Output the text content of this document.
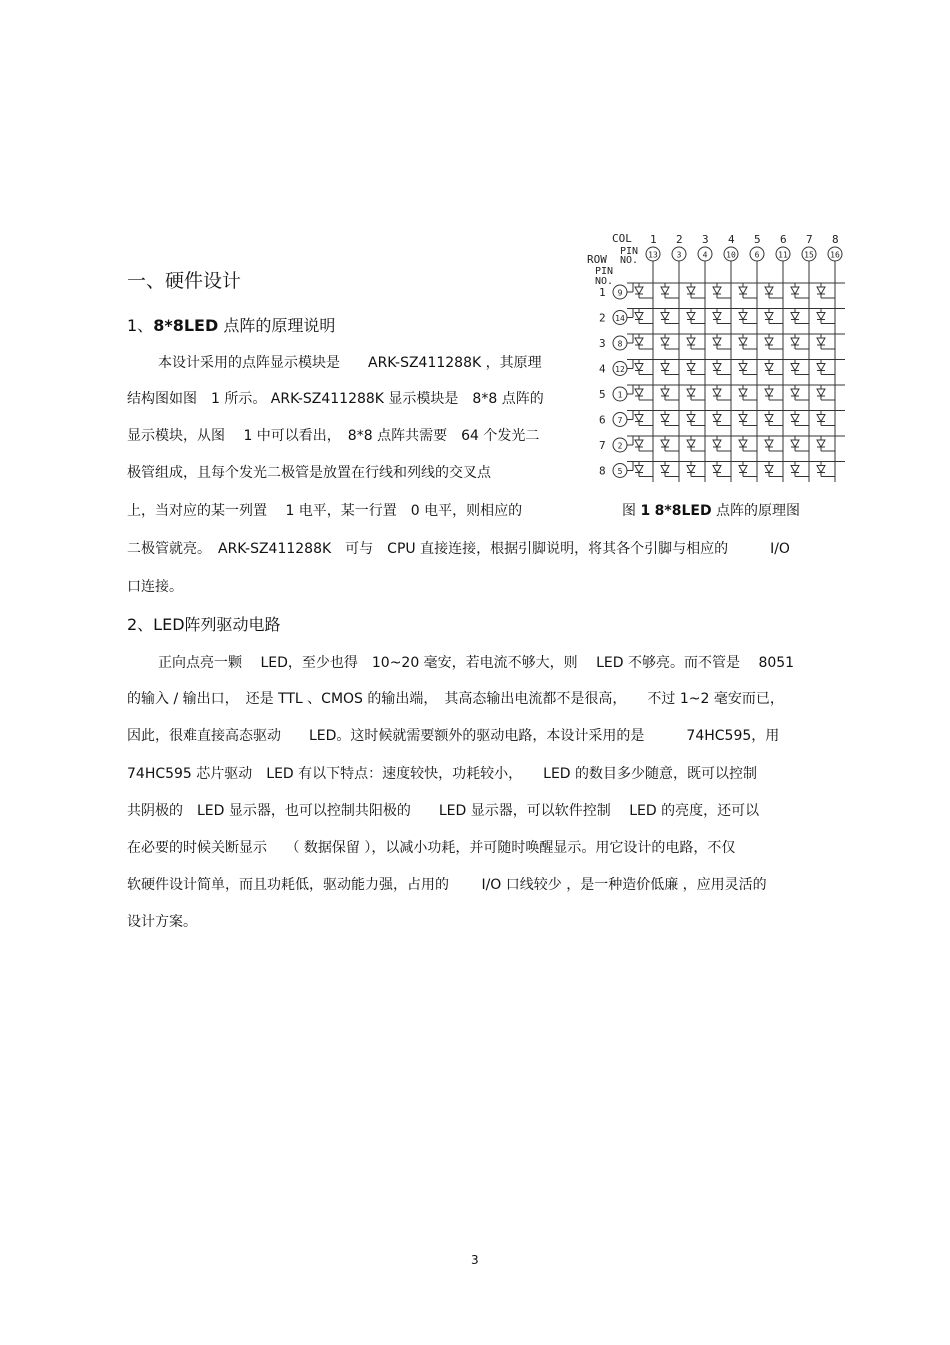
一、硬件设计
1、8*8LED 点阵的原理说明
本设计采用的点阵显示模块是　　ARK-SZ411288K ，其原理
结构图如图　1 所示。 ARK-SZ411288K 显示模块是　8*8 点阵的
显示模块，从图　 1 中可以看出，　8*8 点阵共需要　64 个发光二
极管组成，且每个发光二极管是放置在行线和列线的交叉点
上，当对应的某一列置　 1 电平，某一行置　0 电平，则相应的
二极管就亮。　ARK-SZ411288K　可与　CPU 直接连接，根据引脚说明，将其各个引脚与相应的　　　I/O
口连接。
图 1 8*8LED 点阵的原理图
COL
PIN
NO.
ROW
PIN
NO.
1
13
2
3
3
4
4
10
5
6
6
11
7
15
8
16
1 9
2 14
3 8
4 12
5 1
6 7
7 2
8 5
2、LED阵列驱动电路
正向点亮一颗　 LED，至少也得　10~20 毫安，若电流不够大，则　 LED 不够亮。而不管是　 8051
的输入 / 输出口，　还是 TTL 、CMOS 的输出端，　其高态输出电流都不是很高，　　不过 1~2 毫安而已，
因此，很难直接高态驱动　　LED。这时候就需要额外的驱动电路，本设计采用的是　　　74HC595，用
74HC595 芯片驱动　LED 有以下特点：速度较快，功耗较小，　　LED 的数目多少随意，既可以控制
共阴极的　LED 显示器，也可以控制共阳极的　　LED 显示器，可以软件控制　 LED 的亮度，还可以
在必要的时候关断显示　 （ 数据保留 ），以减小功耗，并可随时唤醒显示。用它设计的电路，不仅
软硬件设计简单，而且功耗低，驱动能力强，占用的　　 I/O 口线较少 ，是一种造价低廉 ，应用灵活的
设计方案。
3
